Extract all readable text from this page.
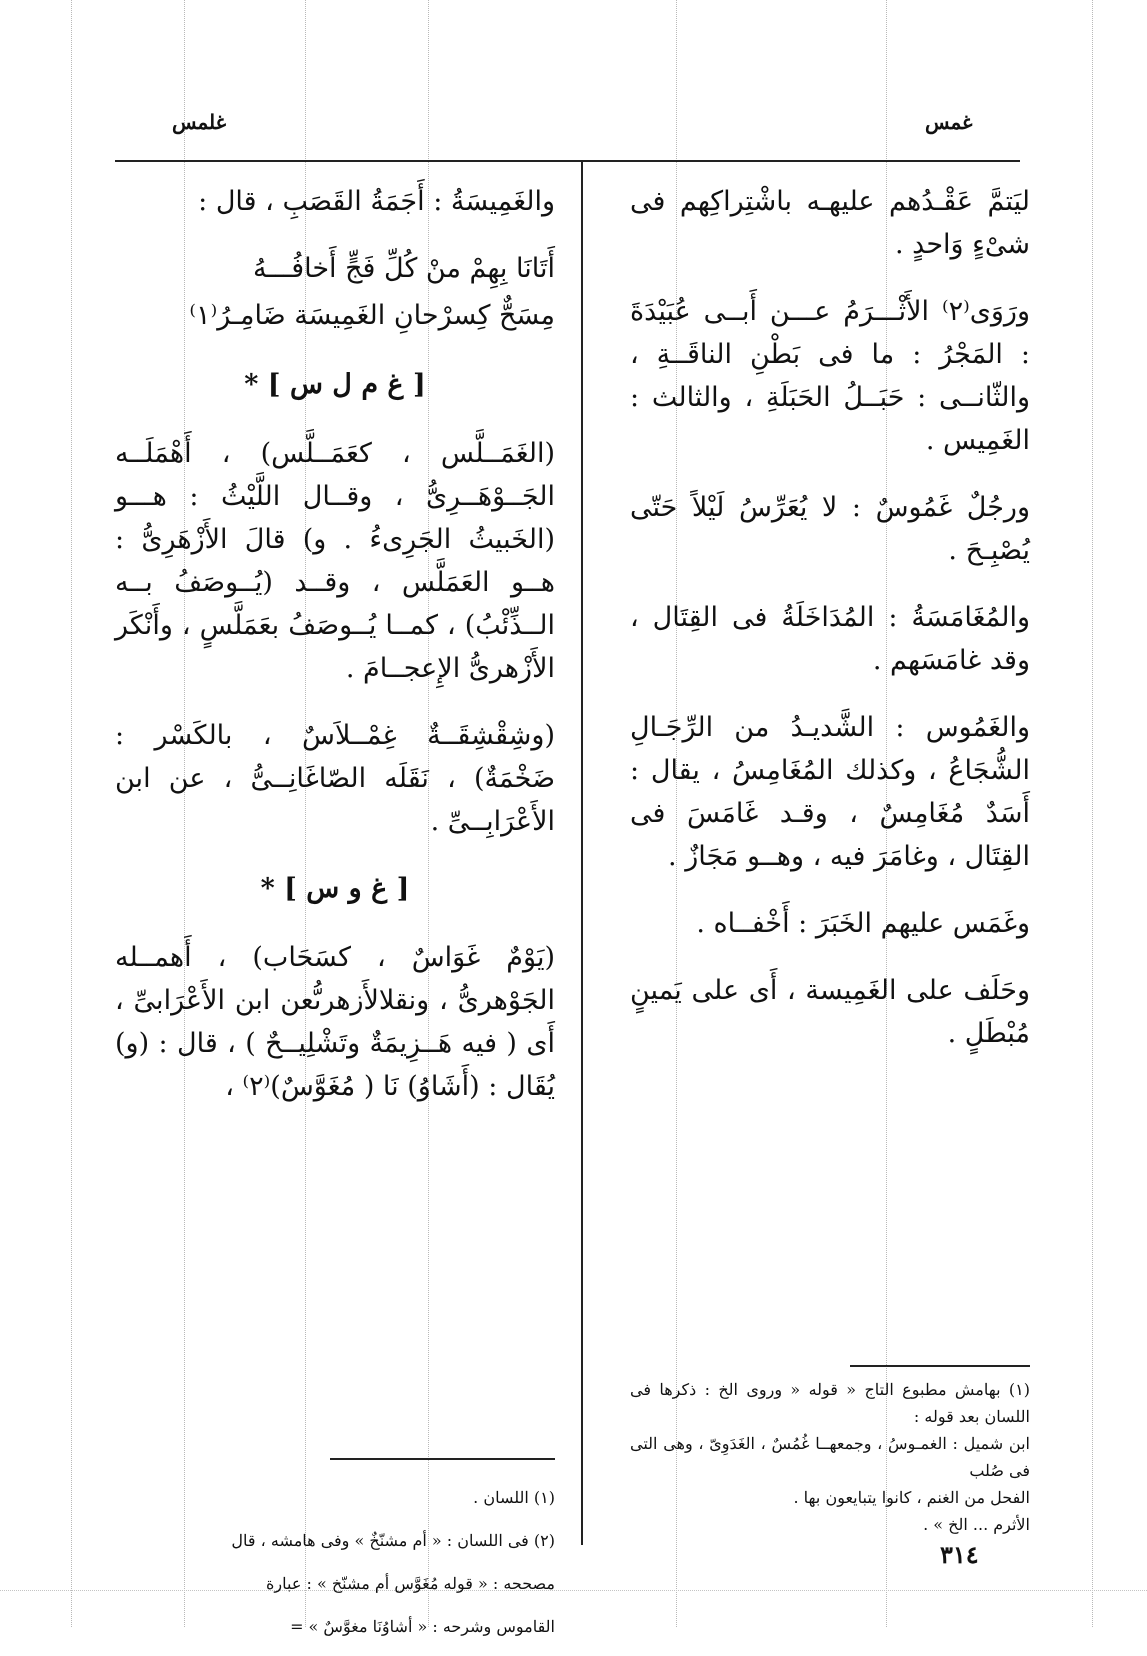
غلمس	غمس

ليَتمَّ عَقْـدُهم عليهـه باشْتِراكِهم فى شىْءٍ وَاحدٍ .

ورَوَى⁽٢⁾ الأَثْـــرَمُ عـــن أَبــى عُبَيْدَةَ : المَجْرُ : ما فى بَطْنِ الناقَــةِ ، والثّانــى : حَبَــلُ الحَبَلَةِ ، والثالث : الغَمِيس .

ورجُلٌ غَمُوسٌ : لا يُعَرِّسُ لَيْلاً حَتّى يُصْبِـحَ .

والمُغَامَسَةُ : المُدَاخَلَةُ فى القِتَال ، وقد غامَسَهم .

والغَمُوس : الشَّديـدُ من الرِّجَـالِ الشُّجَاعُ ، وكذلك المُغَامِسُ ، يقال : أَسَدٌ مُغَامِسٌ ، وقـد غَامَسَ فى القِتَال ، وغامَرَ فيه ، وهــو مَجَازٌ .

وغَمَس عليهم الخَبَرَ : أَخْفــاه .

وحَلَف على الغَمِيسة ، أَى على يَمينٍ مُبْطَلٍ .

(١) بهامش مطبوع التاج « قوله « وروى الخ : ذكرها فى اللسان بعد قوله :

ابن شميل : الغمـوسُ ، وجمعهــا غُمُسٌ ، الغَدَوِىّ ، وهى التى فى صُلب

الفحل من الغنم ، كانوا يتبايعون بها .

الأثرم ... الخ » .

والغَمِيسَةُ : أَجَمَةُ القَصَبِ ، قال :

أَتَانَا بِهِمْ منْ كُلِّ فَجٍّ أَخافُـــهُ

مِسَحٌّ كِسرْحانِ الغَمِيسَة ضَامِـرُ⁽١⁾

[ غ م ل س ] *

(الغَمَــلَّس ، كعَمَــلَّس) ، أَهْمَلَــه الجَــوْهَــرِىُّ ، وقــال اللَّيْثُ : هـــو (الخَبيثُ الجَرِىءُ . و) قالَ الأَزْهَرِىُّ : هــو العَمَلَّس ، وقــد (يُــوصَفُ بــه الــذِّئْبُ) ، كمــا يُــوصَفُ بعَمَلَّسٍ ، وأَنْكَر الأَزْهرىُّ الإِعجــامَ .

(وشِقْشِقَــةٌ غِمْــلاَسٌ ، بالكَسْر : ضَخْمَةٌ) ، نَقَلَه الصّاغَانِــىُّ ، عن ابن الأَعْرَابِــىِّ .

[ غ و س ] *

(يَوْمٌ غَوَاسٌ ، كسَحَاب) ، أَهمــله الجَوْهرىُّ ، ونقلالأَزهرىُّعن ابن الأَعْرَابىِّ ، أَى ( فيه هَــزِيمَةٌ وتَشْلِيــحٌ ) ، قال : (و) يُقَال : (أَشَاوُ) نَا ( مُغَوَّسٌ)⁽٢⁾ ،

(١) اللسان .

(٢) فى اللسان : « أم مشنّخٌ » وفى هامشه ، قال

مصححه : « قوله مُغَوَّس أم مشنّخ » : عبارة

القاموس وشرحه : « أشاوُنَا مغوَّسٌ » =

٣١٤
